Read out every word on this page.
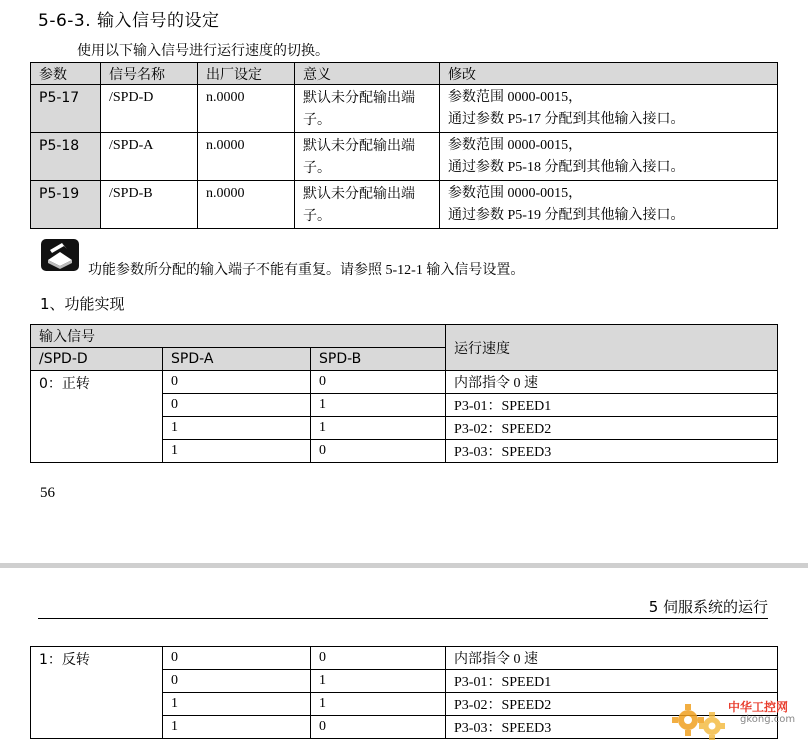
5-6-3. 输入信号的设定
使用以下输入信号进行运行速度的切换。
参数	信号名称	出厂设定	意义	修改
P5-17	/SPD-D	n.0000	默认未分配输出端子。	参数范围 0000-0015，
通过参数 P5-17 分配到其他输入接口。

P5-18	/SPD-A	n.0000	默认未分配输出端子。	参数范围 0000-0015，
通过参数 P5-18 分配到其他输入接口。

P5-19	/SPD-B	n.0000	默认未分配输出端子。	参数范围 0000-0015，
通过参数 P5-19 分配到其他输入接口。
功能参数所分配的输入端子不能有重复。请参照 5-12-1 输入信号设置。
1、功能实现
输入信号			运行速度
/SPD-D	SPD-A	SPD-B	
0：正转	0	0	内部指令 0 速
	0	1	P3-01：SPEED1
	1	1	P3-02：SPEED2
	1	0	P3-03：SPEED3
56
5 伺服系统的运行
1：反转	0	0	内部指令 0 速
	0	1	P3-01：SPEED1
	1	1	P3-02：SPEED2
	1	0	P3-03：SPEED3
中华工控网
gkong.com
